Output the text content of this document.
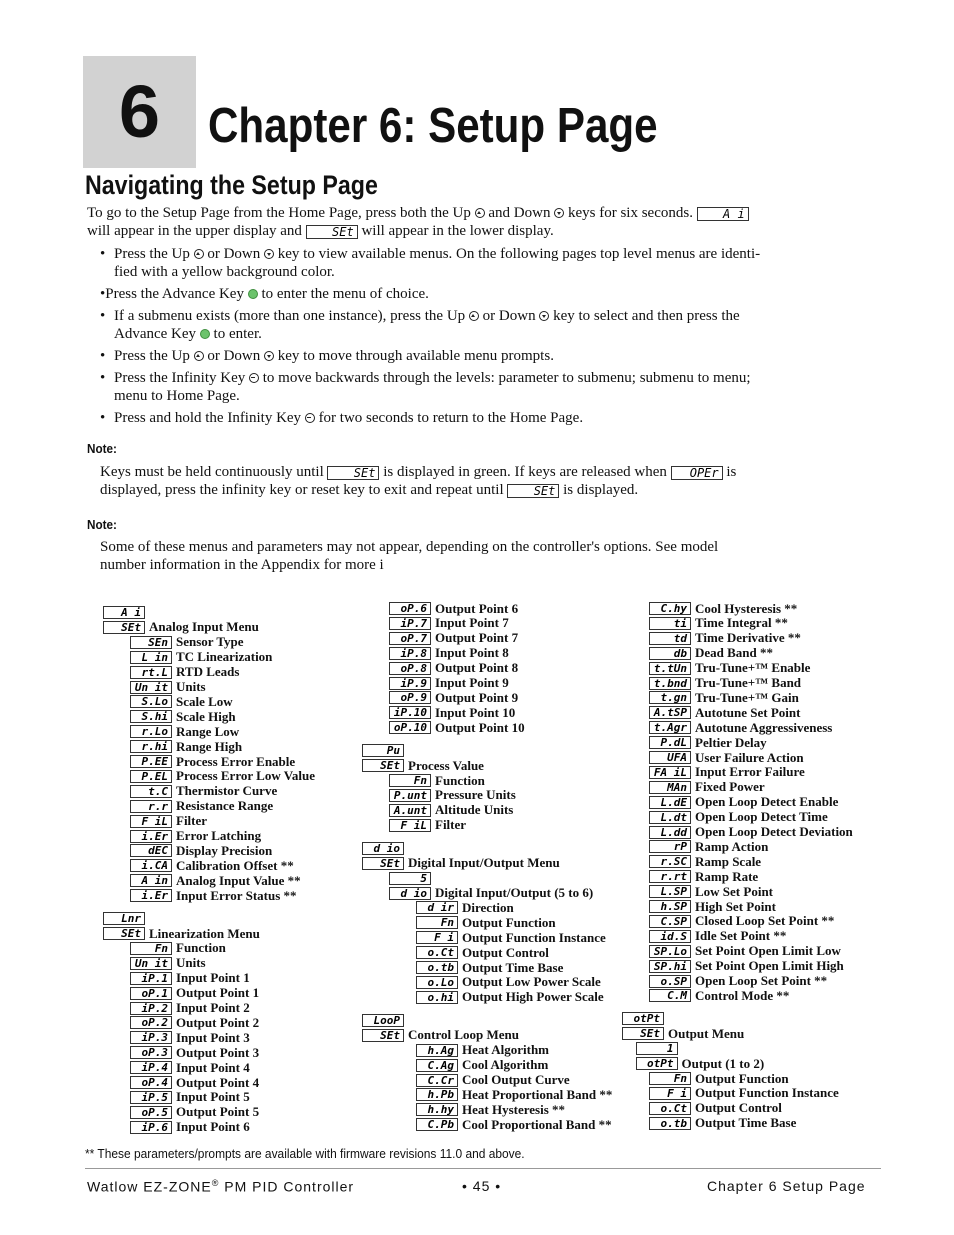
6 Chapter 6: Setup Page
Navigating the Setup Page
To go to the Setup Page from the Home Page, press both the Up and Down keys for six seconds.	A i
will appear in the upper display and	SEt will appear in the lower display.
• Press the Up or Down key to view available menus. On the following pages top level menus are identi-
fied with a yellow background color.
•Press the Advance Key to enter the menu of choice.
• If a submenu exists (more than one instance), press the Up or Down key to select and then press the
Advance Key to enter.
• Press the Up or Down key to move through available menu prompts.
• Press the Infinity Key to move backwards through the levels: parameter to submenu; submenu to menu;
menu to Home Page.
• Press and hold the Infinity Key for two seconds to return to the Home Page.
Note:
Keys must be held continuously until	SEt is displayed in green. If keys are released when OPEr is
displayed, press the infinity key or reset key to exit and repeat until	SEt is displayed.
Note:
Some of these menus and parameters may not appear, depending on the controller's options. See model
number information in the Appendix for more i
A i
SEt Analog Input Menu
SEn Sensor Type
L in TC Linearization
rt.L RTD Leads
Un it Units
S.Lo Scale Low
S.hi Scale High
r.Lo Range Low
r.hi Range High
P.EE Process Error Enable
P.EL Process Error Low Value
t.C Thermistor Curve
r.r Resistance Range
F iL Filter
i.Er Error Latching
dEC Display Precision
i.CA Calibration Offset **
A in Analog Input Value **
i.Er Input Error Status **
Lnr
SEt Linearization Menu
Fn Function
Un it Units
iP.1 Input Point 1
oP.1 Output Point 1
iP.2 Input Point 2
oP.2 Output Point 2
iP.3 Input Point 3
oP.3 Output Point 3
iP.4 Input Point 4
oP.4 Output Point 4
iP.5 Input Point 5
oP.5 Output Point 5
iP.6 Input Point 6
oP.6 Output Point 6
iP.7 Input Point 7
oP.7 Output Point 7
iP.8 Input Point 8
oP.8 Output Point 8
iP.9 Input Point 9
oP.9 Output Point 9
iP.10 Input Point 10
oP.10 Output Point 10
Pu
SEt Process Value
Fn Function
P.unt Pressure Units
A.unt Altitude Units
F iL Filter
d io
SEt Digital Input/Output Menu
5
d io Digital Input/Output (5 to 6)
d ir Direction
Fn Output Function
F i Output Function Instance
o.Ct Output Control
o.tb Output Time Base
o.Lo Output Low Power Scale
o.hi Output High Power Scale
LooP
SEt Control Loop Menu
h.Ag Heat Algorithm
C.Ag Cool Algorithm
C.Cr Cool Output Curve
h.Pb Heat Proportional Band **
h.hy Heat Hysteresis **
C.Pb Cool Proportional Band **
C.hy Cool Hysteresis **
ti Time Integral **
td Time Derivative **
db Dead Band **
t.tUn Tru-Tune+™ Enable
t.bnd Tru-Tune+™ Band
t.gn Tru-Tune+™ Gain
A.tSP Autotune Set Point
t.Agr Autotune Aggressiveness
P.dL Peltier Delay
UFA User Failure Action
FA iL Input Error Failure
MAn Fixed Power
L.dE Open Loop Detect Enable
L.dt Open Loop Detect Time
L.dd Open Loop Detect Deviation
rP Ramp Action
r.SC Ramp Scale
r.rt Ramp Rate
L.SP Low Set Point
h.SP High Set Point
C.SP Closed Loop Set Point **
id.S Idle Set Point **
SP.Lo Set Point Open Limit Low
SP.hi Set Point Open Limit High
o.SP Open Loop Set Point **
C.M Control Mode **
otPt
SEt Output Menu
1
otPt Output (1 to 2)
Fn Output Function
F i Output Function Instance
o.Ct Output Control
o.tb Output Time Base
** These parameters/prompts are available with firmware revisions 11.0 and above.
Watlow EZ-ZONE® PM PID Controller	• 45 •	Chapter 6 Setup Page
